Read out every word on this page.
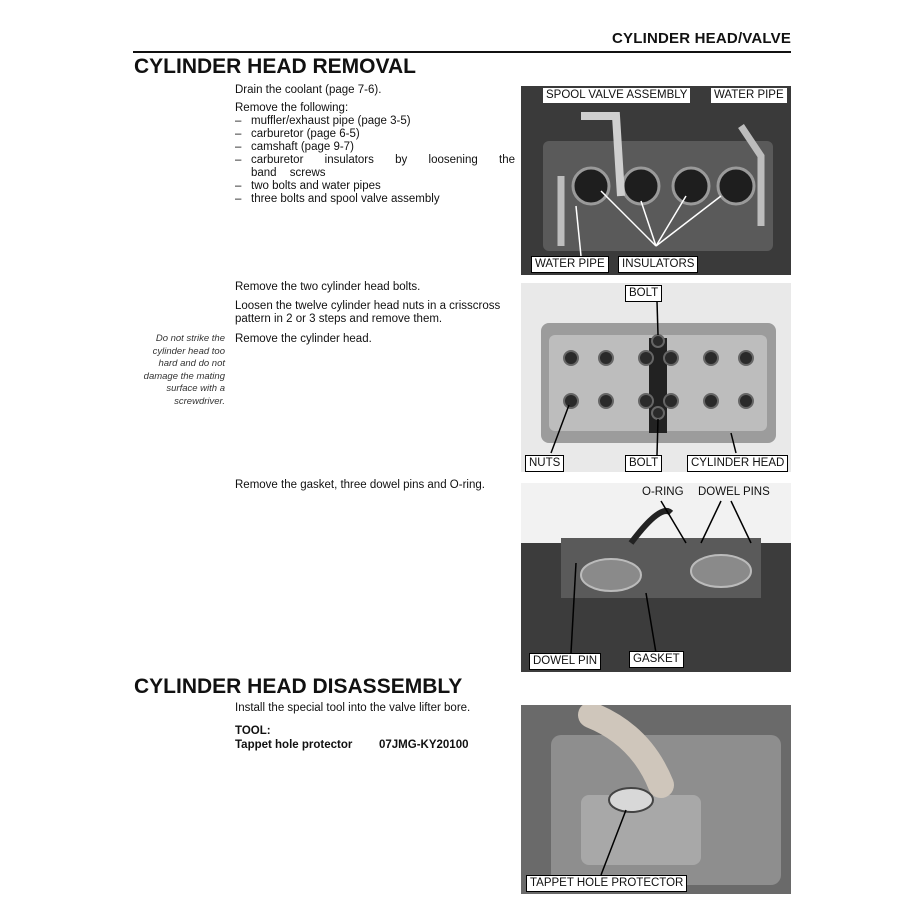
CYLINDER HEAD/VALVE
CYLINDER HEAD REMOVAL
Drain the coolant (page 7-6).
Remove the following:
– muffler/exhaust pipe (page 3-5)
– carburetor (page 6-5)
– camshaft (page 9-7)
– carburetor insulators by loosening the band screws
– two bolts and water pipes
– three bolts and spool valve assembly
Remove the two cylinder head bolts.
Loosen the twelve cylinder head nuts in a crisscross pattern in 2 or 3 steps and remove them.
Remove the cylinder head.
Do not strike the cylinder head too hard and do not damage the mating surface with a screwdriver.
Remove the gasket, three dowel pins and O-ring.
SPOOL VALVE ASSEMBLY WATER PIPE
WATER PIPE	INSULATORS
BOLT
NUTS	BOLT	CYLINDER HEAD
O-RING DOWEL PINS
DOWEL PIN	GASKET
CYLINDER HEAD DISASSEMBLY
Install the special tool into the valve lifter bore.
TOOL:
Tappet hole protector 07JMG-KY20100
TAPPET HOLE PROTECTOR
